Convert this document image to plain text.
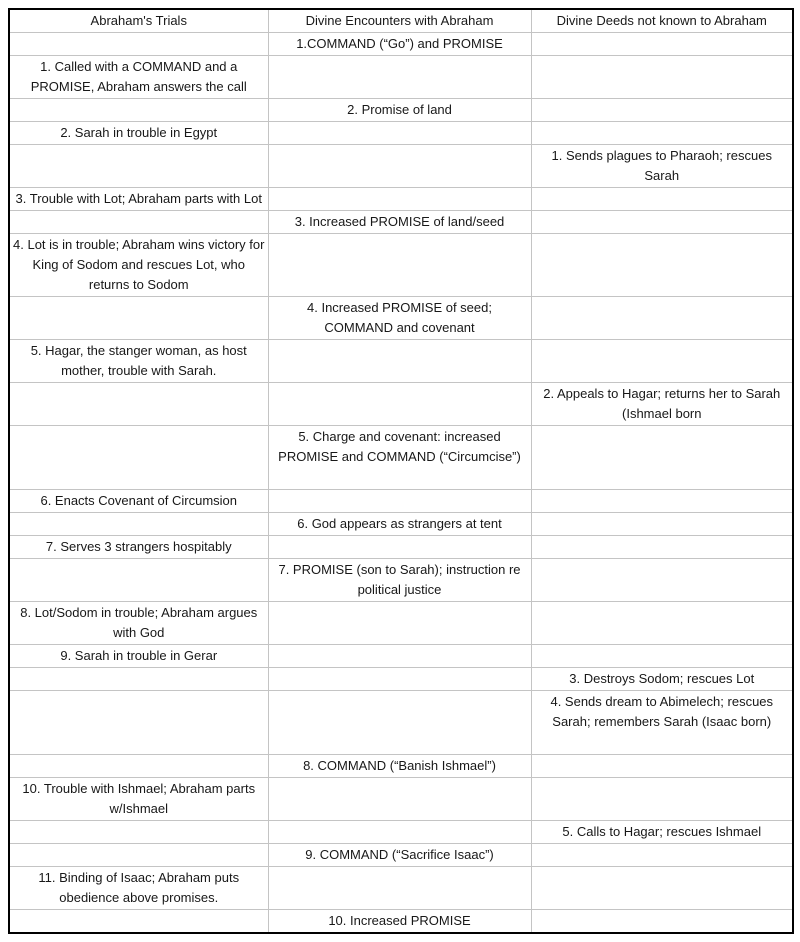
Abraham's Trials	Divine Encounters with Abraham	Divine Deeds not known to Abraham
	1.COMMAND (“Go”) and PROMISE	
1. Called with a COMMAND and a PROMISE, Abraham answers the call		
	2. Promise of land	
2. Sarah in trouble in Egypt		
		1. Sends plagues to Pharaoh; rescues Sarah
3. Trouble with Lot; Abraham parts with Lot		
	3. Increased PROMISE of land/seed	
4. Lot is in trouble; Abraham wins victory for King of Sodom and rescues Lot, who returns to Sodom		
	4. Increased PROMISE of seed; COMMAND and covenant	
5. Hagar, the stanger woman, as host mother, trouble with Sarah.		
		2. Appeals to Hagar; returns her to Sarah (Ishmael born
	5. Charge and covenant: increased PROMISE and COMMAND (“Circumcise”)	
6. Enacts Covenant of Circumsion		
	6. God appears as strangers at tent	
7. Serves 3 strangers hospitably		
	7. PROMISE (son to Sarah); instruction re political justice	
8. Lot/Sodom in trouble; Abraham argues with God		
9. Sarah in trouble in Gerar		
		3. Destroys Sodom; rescues Lot
		4. Sends dream to Abimelech; rescues Sarah; remembers Sarah (Isaac born)
	8. COMMAND (“Banish Ishmael”)	
10. Trouble with Ishmael; Abraham parts w/Ishmael		
		5. Calls to Hagar; rescues Ishmael
	9. COMMAND (“Sacrifice Isaac”)	
11. Binding of Isaac; Abraham puts obedience above promises.		
	10. Increased PROMISE	
